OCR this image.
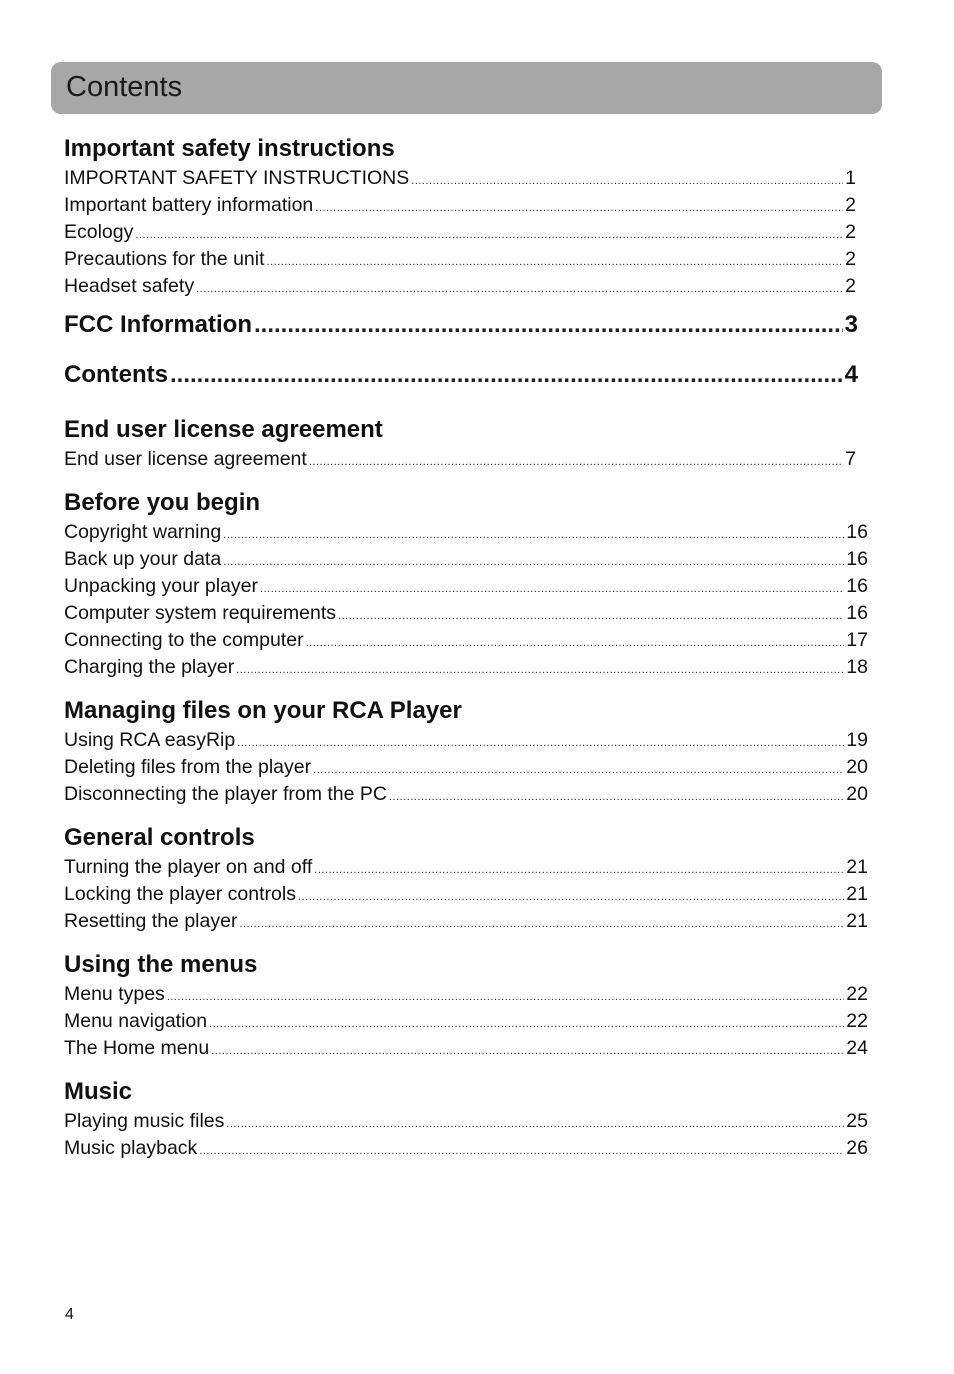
Contents
Important safety instructions
IMPORTANT SAFETY INSTRUCTIONS .....	1
Important battery information .....	2
Ecology .....	2
Precautions for the unit .....	2
Headset safety .....	2
FCC Information .....	3
Contents .....	4
End user license agreement
End user license agreement .....	7
Before you begin
Copyright warning .....	16
Back up your data .....	16
Unpacking your player .....	16
Computer system requirements .....	16
Connecting to the computer .....	17
Charging the player .....	18
Managing files on your RCA Player
Using RCA easyRip .....	19
Deleting files from the player .....	20
Disconnecting the player from the PC .....	20
General controls
Turning the player on and off .....	21
Locking the player controls .....	21
Resetting the player .....	21
Using the menus
Menu types .....	22
Menu navigation .....	22
The Home menu .....	24
Music
Playing music files .....	25
Music playback .....	26
4
